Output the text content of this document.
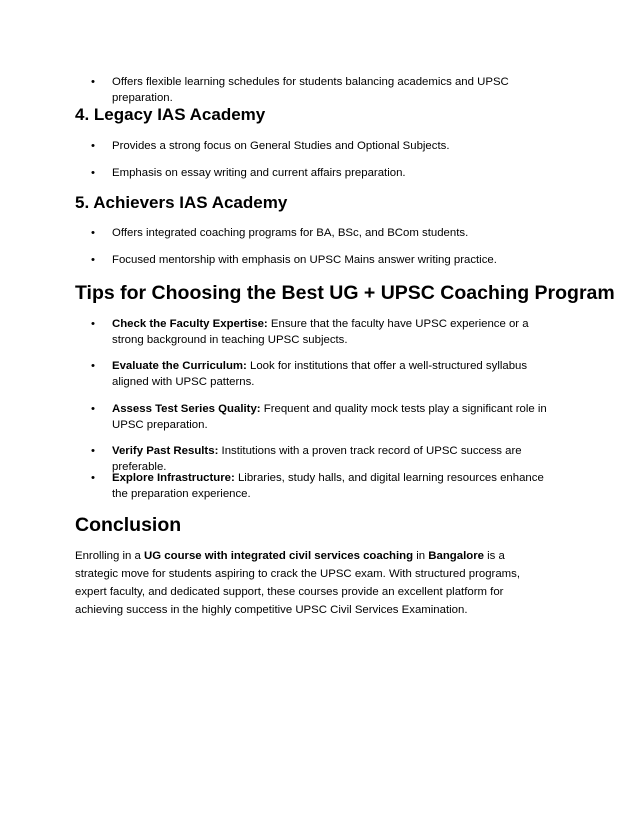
• Offers flexible learning schedules for students balancing academics and UPSC preparation.
4. Legacy IAS Academy
• Provides a strong focus on General Studies and Optional Subjects.
• Emphasis on essay writing and current affairs preparation.
5. Achievers IAS Academy
• Offers integrated coaching programs for BA, BSc, and BCom students.
• Focused mentorship with emphasis on UPSC Mains answer writing practice.
Tips for Choosing the Best UG + UPSC Coaching Program
• Check the Faculty Expertise: Ensure that the faculty have UPSC experience or a strong background in teaching UPSC subjects.
• Evaluate the Curriculum: Look for institutions that offer a well-structured syllabus aligned with UPSC patterns.
• Assess Test Series Quality: Frequent and quality mock tests play a significant role in UPSC preparation.
• Verify Past Results: Institutions with a proven track record of UPSC success are preferable.
• Explore Infrastructure: Libraries, study halls, and digital learning resources enhance the preparation experience.
Conclusion

Enrolling in a UG course with integrated civil services coaching in Bangalore is a strategic move for students aspiring to crack the UPSC exam. With structured programs, expert faculty, and dedicated support, these courses provide an excellent platform for achieving success in the highly competitive UPSC Civil Services Examination.
